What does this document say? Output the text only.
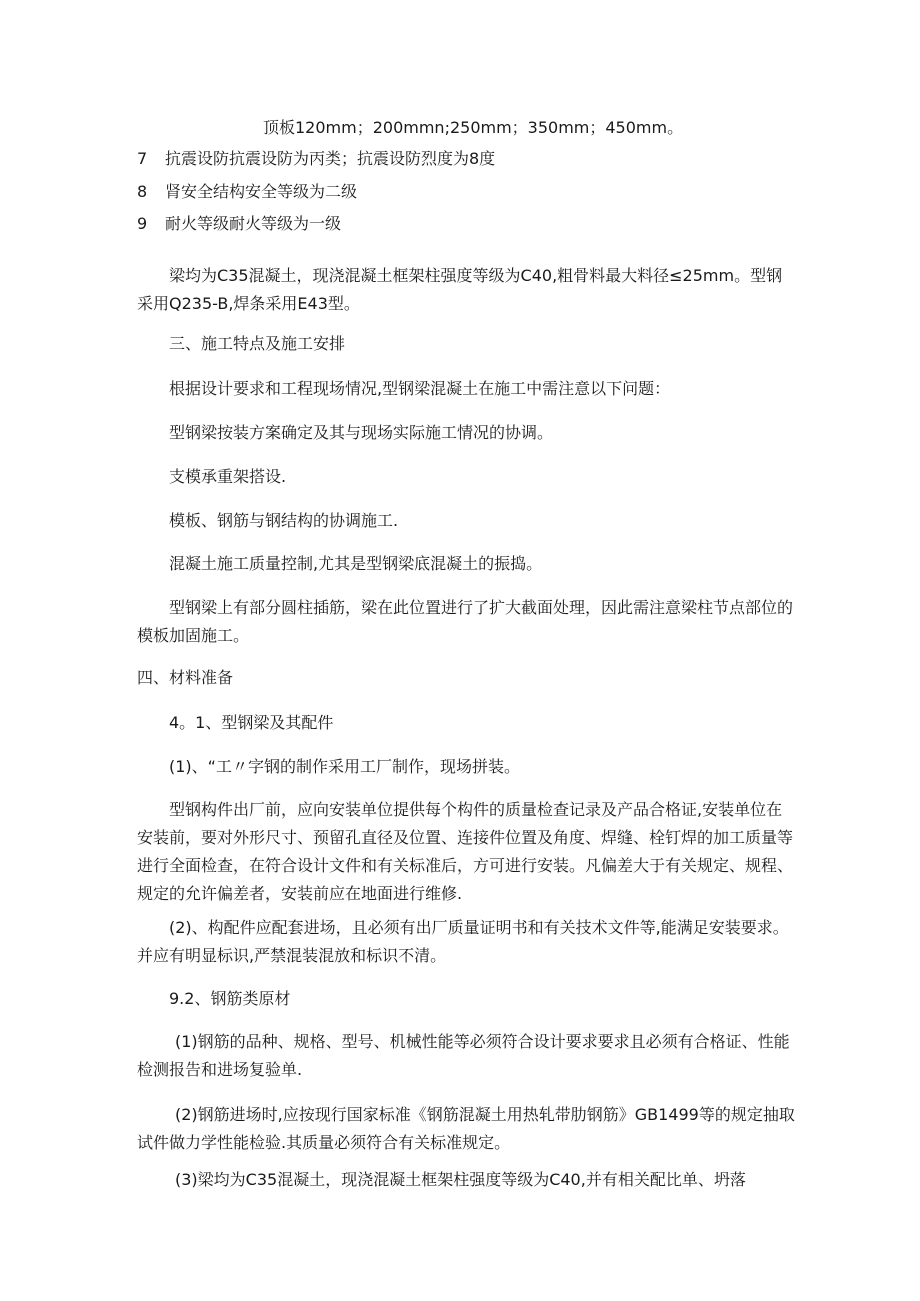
顶板120mm；200mmn;250mm；350mm；450mm。
7 抗震设防抗震设防为丙类；抗震设防烈度为8度
8 肾安全结构安全等级为二级
9 耐火等级耐火等级为一级
梁均为C35混凝土，现浇混凝土框架柱强度等级为C40,粗骨料最大料径≤25mm。型钢采用Q235-B,焊条采用E43型。
三、施工特点及施工安排
根据设计要求和工程现场情况,型钢梁混凝土在施工中需注意以下问题：
型钢梁按装方案确定及其与现场实际施工情况的协调。
支模承重架搭设.
模板、钢筋与钢结构的协调施工.
混凝土施工质量控制,尤其是型钢梁底混凝土的振捣。
型钢梁上有部分圆柱插筋，梁在此位置进行了扩大截面处理，因此需注意梁柱节点部位的模板加固施工。
四、材料准备
4。1、型钢梁及其配件
(1)、“工〃字钢的制作采用工厂制作，现场拼装。
型钢构件出厂前，应向安装单位提供每个构件的质量检查记录及产品合格证,安装单位在安装前，要对外形尺寸、预留孔直径及位置、连接件位置及角度、焊缝、栓钉焊的加工质量等进行全面检查，在符合设计文件和有关标准后，方可进行安装。凡偏差大于有关规定、规程、规定的允许偏差者，安装前应在地面进行维修.
(2)、构配件应配套进场，且必须有出厂质量证明书和有关技术文件等,能满足安装要求。并应有明显标识,严禁混装混放和标识不清。
9.2、钢筋类原材
(1)钢筋的品种、规格、型号、机械性能等必须符合设计要求要求且必须有合格证、性能检测报告和进场复验单.
(2)钢筋进场时,应按现行国家标准《钢筋混凝土用热轧带肋钢筋》GB1499等的规定抽取试件做力学性能检验.其质量必须符合有关标准规定。
(3)梁均为C35混凝土，现浇混凝土框架柱强度等级为C40,并有相关配比单、坍落
